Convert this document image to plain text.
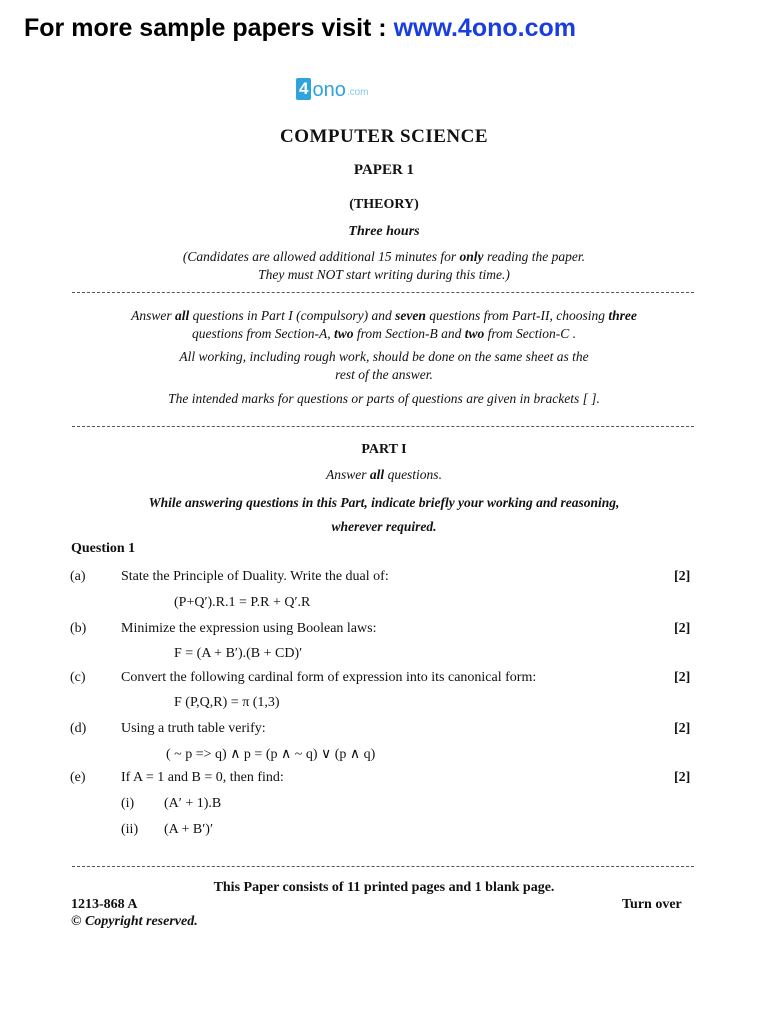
For more sample papers visit : www.4ono.com
4 ono .com
COMPUTER SCIENCE
PAPER 1
(THEORY)
Three hours
(Candidates are allowed additional 15 minutes for only reading the paper.
They must NOT start writing during this time.)
Answer all questions in Part I (compulsory) and seven questions from Part-II, choosing three
questions from Section-A, two from Section-B and two from Section-C .
All working, including rough work, should be done on the same sheet as the
rest of the answer.
The intended marks for questions or parts of questions are given in brackets [ ].
PART I
Answer all questions.
While answering questions in this Part, indicate briefly your working and reasoning,
wherever required.
Question 1
(a)	State the Principle of Duality. Write the dual of:	[2]
(P+Q′).R.1 = P.R + Q′.R
(b) Minimize the expression using Boolean laws:	[2]
F = (A + B′).(B + CD)′
(c)	Convert the following cardinal form of expression into its canonical form:	[2]
F (P,Q,R) = π (1,3)
(d) Using a truth table verify:	[2]
( ~ p => q) ∧ p = (p ∧ ~ q) ∨ (p ∧ q)
(e)	If A = 1 and B = 0, then find:	[2]
(i) (A′ + 1).B
(ii) (A + B′)′
This Paper consists of 11 printed pages and 1 blank page.
1213-868 A
© Copyright reserved.
Turn over
